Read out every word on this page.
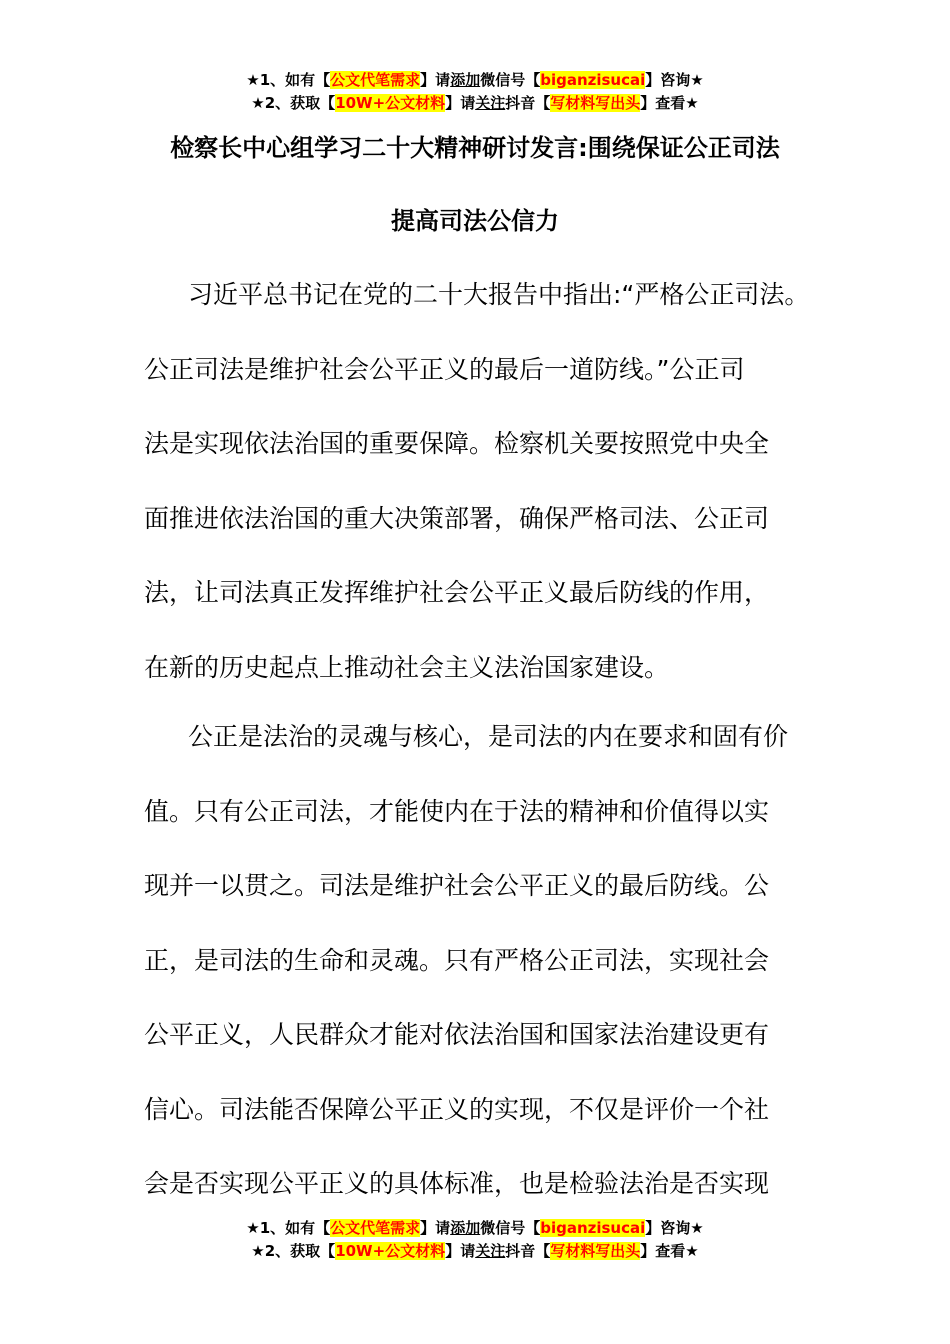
★1、如有【公文代笔需求】请添加微信号【biganzisucai】咨询★
★2、获取【10W+公文材料】请关注抖音【写材料写出头】查看★
检察长中心组学习二十大精神研讨发言:围绕保证公正司法
提高司法公信力
习近平总书记在党的二十大报告中指出:“严格公正司法。
公正司法是维护社会公平正义的最后一道防线。”公正司
法是实现依法治国的重要保障。检察机关要按照党中央全
面推进依法治国的重大决策部署，确保严格司法、公正司
法，让司法真正发挥维护社会公平正义最后防线的作用，
在新的历史起点上推动社会主义法治国家建设。
公正是法治的灵魂与核心，是司法的内在要求和固有价
值。只有公正司法，才能使内在于法的精神和价值得以实
现并一以贯之。司法是维护社会公平正义的最后防线。公
正，是司法的生命和灵魂。只有严格公正司法，实现社会
公平正义，人民群众才能对依法治国和国家法治建设更有
信心。司法能否保障公平正义的实现，不仅是评价一个社
会是否实现公平正义的具体标准，也是检验法治是否实现
★1、如有【公文代笔需求】请添加微信号【biganzisucai】咨询★
★2、获取【10W+公文材料】请关注抖音【写材料写出头】查看★
